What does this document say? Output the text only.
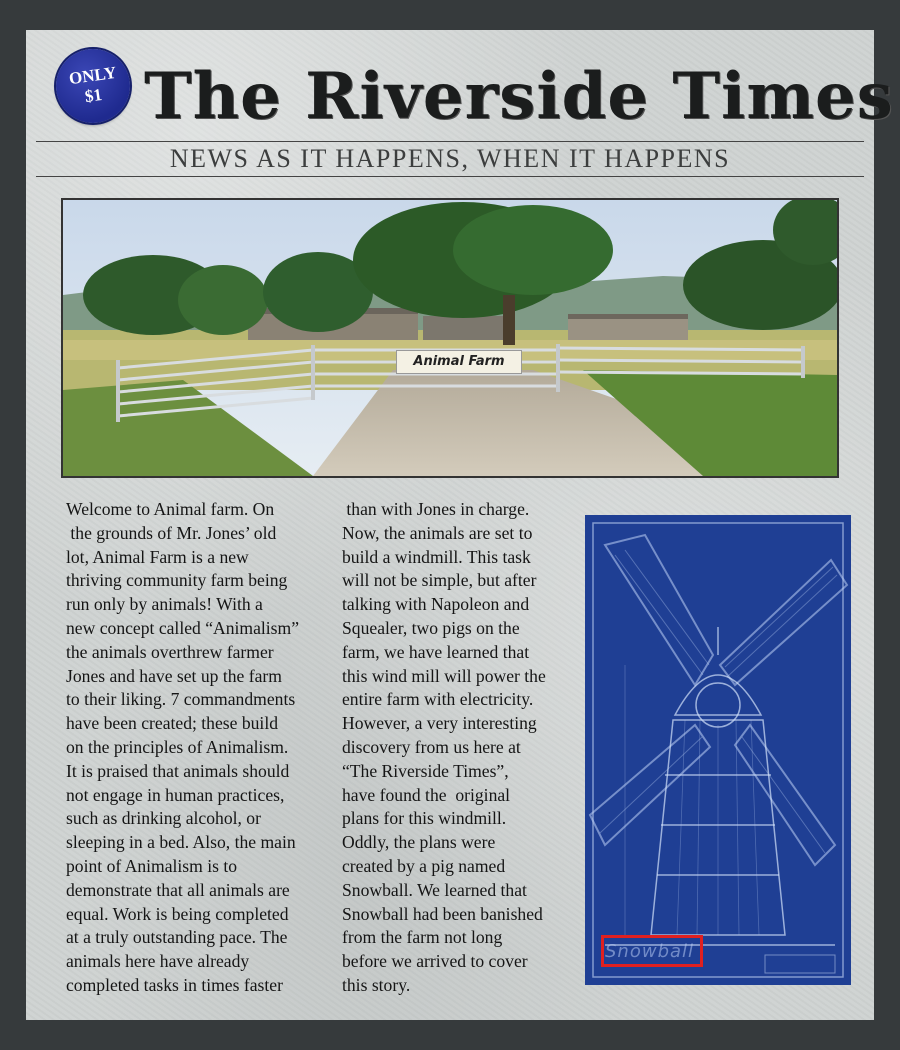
ONLY
$1 The Riverside Times
NEWS AS IT HAPPENS, WHEN IT HAPPENS
Animal Farm
Welcome to Animal farm. On
the grounds of Mr. Jones’ old
lot, Animal Farm is a new
thriving community farm being
run only by animals! With a
new concept called “Animalism”
the animals overthrew farmer
Jones and have set up the farm
to their liking. 7 commandments
have been created; these build
on the principles of Animalism.
It is praised that animals should
not engage in human practices,
such as drinking alcohol, or
sleeping in a bed. Also, the main
point of Animalism is to
demonstrate that all animals are
equal. Work is being completed
at a truly outstanding pace. The
animals here have already
completed tasks in times faster
than with Jones in charge.
Now, the animals are set to
build a windmill. This task
will not be simple, but after
talking with Napoleon and
Squealer, two pigs on the
farm, we have learned that
this wind mill will power the
entire farm with electricity.
However, a very interesting
discovery from us here at
“The Riverside Times”,
have found the  original
plans for this windmill.
Oddly, the plans were
created by a pig named
Snowball. We learned that
Snowball had been banished
from the farm not long
before we arrived to cover
this story.
Snowball
